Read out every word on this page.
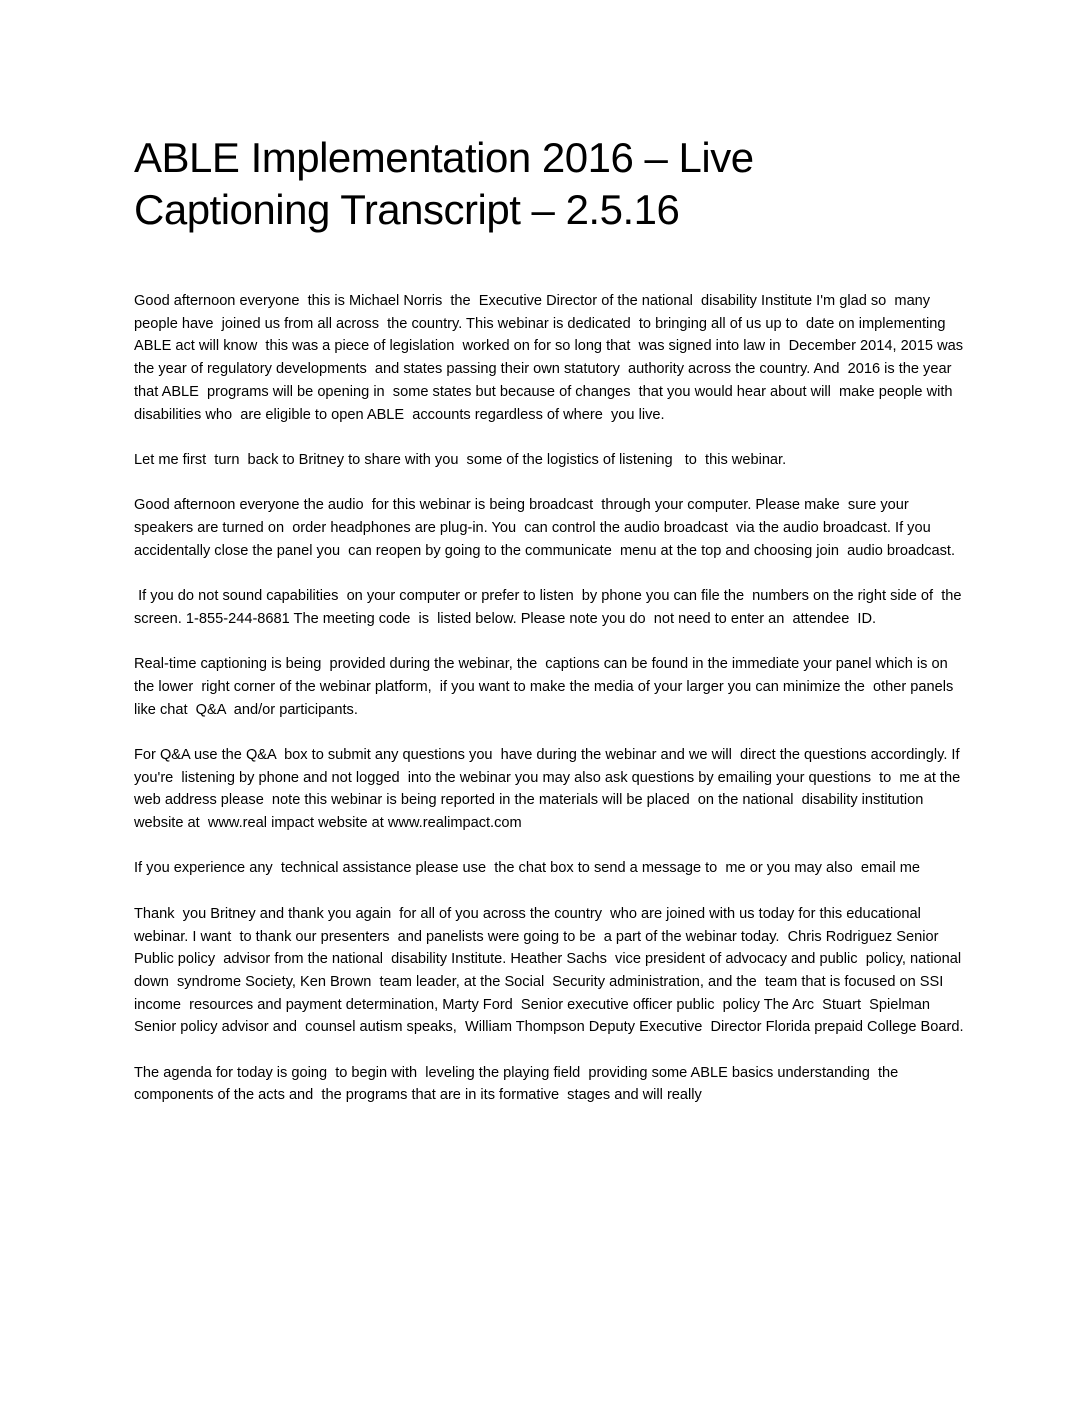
ABLE Implementation 2016 – Live Captioning Transcript – 2.5.16

Good afternoon everyone  this is Michael Norris  the  Executive Director of the national  disability Institute I'm glad so  many people have  joined us from all across  the country. This webinar is dedicated  to bringing all of us up to  date on implementing  ABLE act will know  this was a piece of legislation  worked on for so long that  was signed into law in  December 2014, 2015 was  the year of regulatory developments  and states passing their own statutory  authority across the country. And  2016 is the year that ABLE  programs will be opening in  some states but because of changes  that you would hear about will  make people with disabilities who  are eligible to open ABLE  accounts regardless of where  you live.

Let me first  turn  back to Britney to share with you  some of the logistics of listening   to  this webinar.

Good afternoon everyone the audio  for this webinar is being broadcast  through your computer. Please make  sure your speakers are turned on  order headphones are plug-in. You  can control the audio broadcast  via the audio broadcast. If you  accidentally close the panel you  can reopen by going to the communicate  menu at the top and choosing join  audio broadcast.

If you do not sound capabilities  on your computer or prefer to listen  by phone you can file the  numbers on the right side of  the screen. 1-855-244-8681 The meeting code  is  listed below. Please note you do  not need to enter an  attendee  ID.

Real-time captioning is being  provided during the webinar, the  captions can be found in the immediate your panel which is on the lower  right corner of the webinar platform,  if you want to make the media of your larger you can minimize the  other panels like chat  Q&A  and/or participants.

For Q&A use the Q&A  box to submit any questions you  have during the webinar and we will  direct the questions accordingly. If you're  listening by phone and not logged  into the webinar you may also ask questions by emailing your questions  to  me at the web address please  note this webinar is being reported in the materials will be placed  on the national  disability institution website at  www.real impact website at www.realimpact.com

If you experience any  technical assistance please use  the chat box to send a message to  me or you may also  email me

Thank  you Britney and thank you again  for all of you across the country  who are joined with us today for this educational webinar. I want  to thank our presenters  and panelists were going to be  a part of the webinar today.  Chris Rodriguez Senior Public policy  advisor from the national  disability Institute. Heather Sachs  vice president of advocacy and public  policy, national down  syndrome Society, Ken Brown  team leader, at the Social  Security administration, and the  team that is focused on SSI income  resources and payment determination, Marty Ford  Senior executive officer public  policy The Arc  Stuart  Spielman Senior policy advisor and  counsel autism speaks,  William Thompson Deputy Executive  Director Florida prepaid College Board.

The agenda for today is going  to begin with  leveling the playing field  providing some ABLE basics understanding  the components of the acts and  the programs that are in its formative  stages and will really
